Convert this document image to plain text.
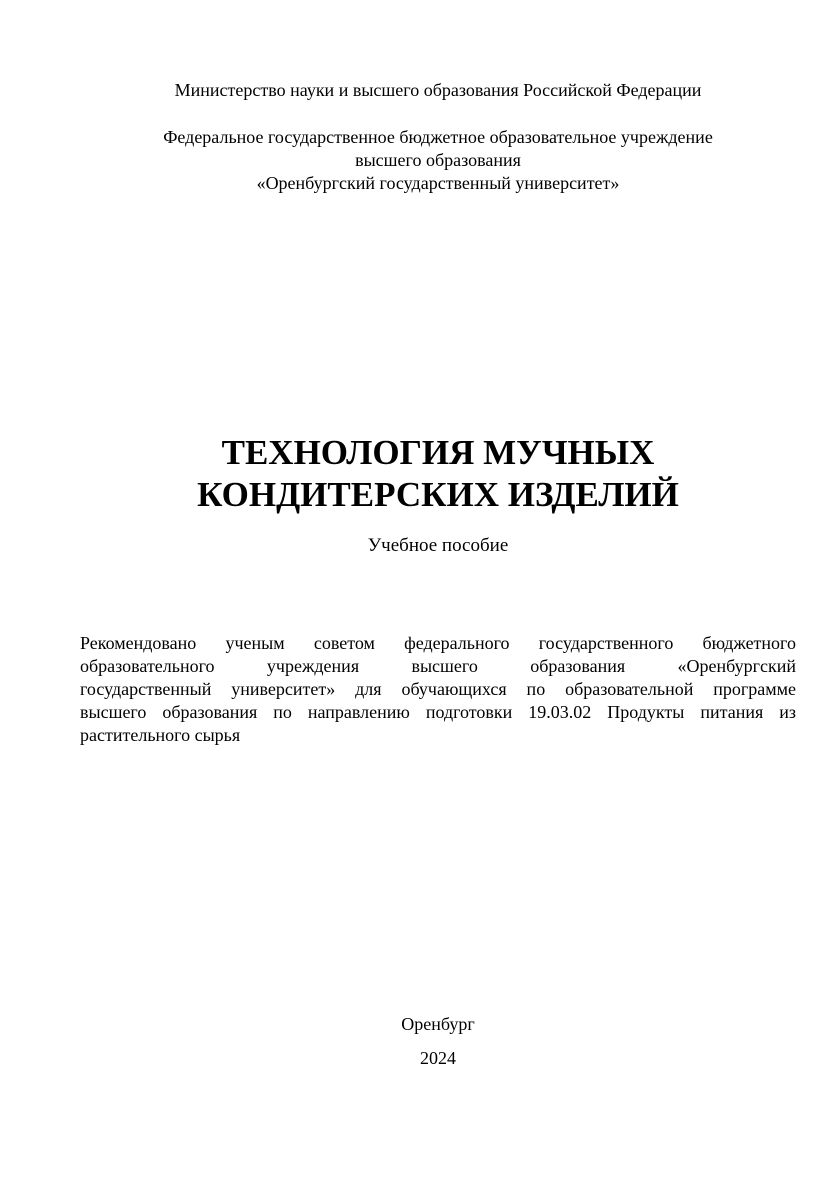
Министерство науки и высшего образования Российской Федерации
Федеральное государственное бюджетное образовательное учреждение
высшего образования
«Оренбургский государственный университет»
ТЕХНОЛОГИЯ МУЧНЫХ
КОНДИТЕРСКИХ ИЗДЕЛИЙ
Учебное пособие
Рекомендовано ученым советом федерального государственного бюджетного
образовательного учреждения высшего образования «Оренбургский
государственный университет» для обучающихся по образовательной программе
высшего образования по направлению подготовки 19.03.02 Продукты питания из
растительного сырья
Оренбург
2024
